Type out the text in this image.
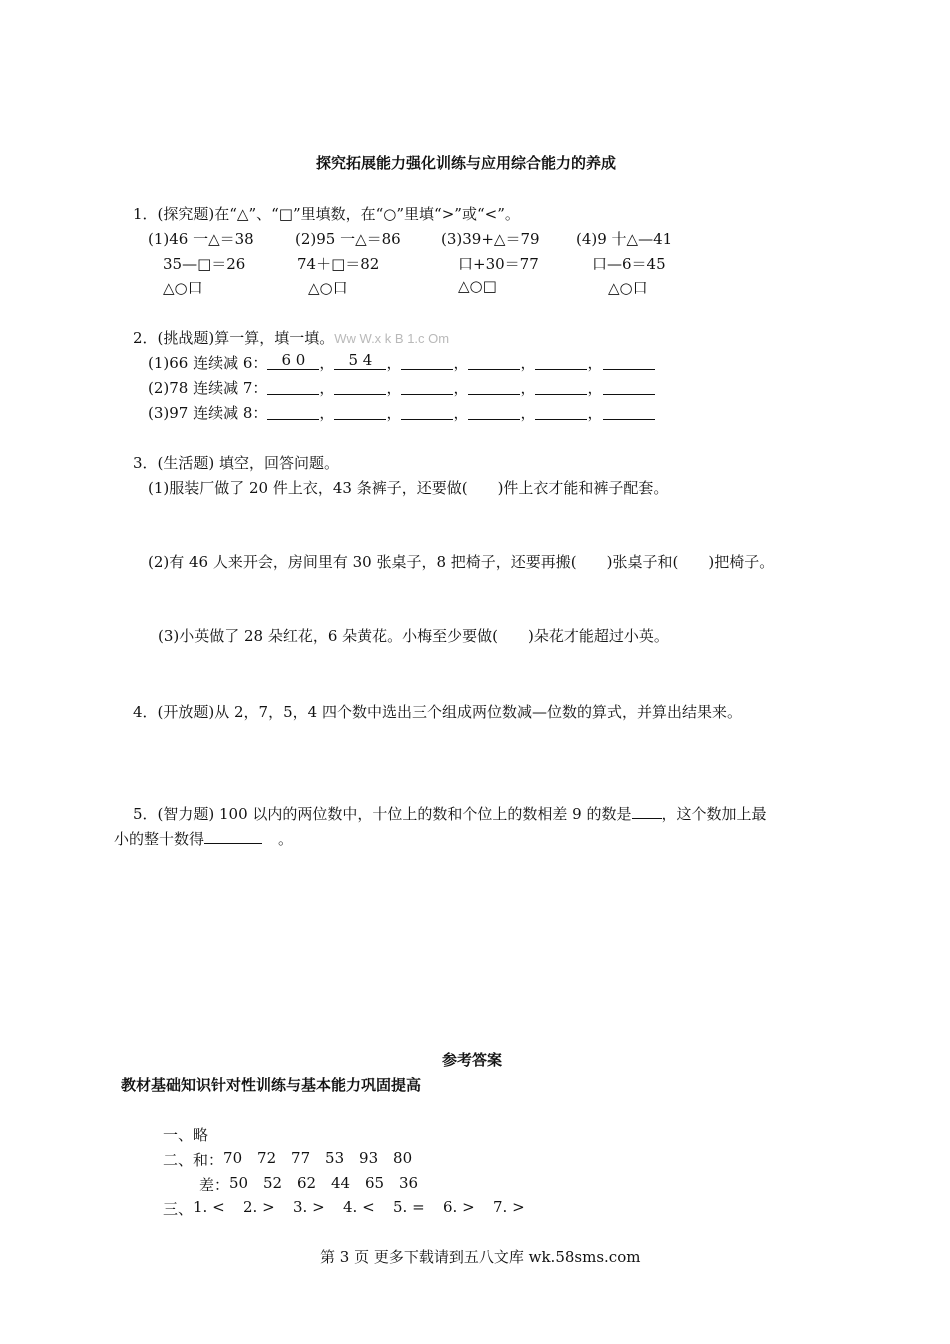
探究拓展能力强化训练与应用综合能力的养成
1．(探究题)在“△”、“□”里填数，在“○”里填“>”或“<”。
(1)46 一△＝38	(2)95 一△＝86	(3)39+△＝79 (4)9 十△—41
35—□＝26	74＋□＝82	口+30＝77	口—6＝45
△○口	△○口	△○□	△○口
2．(挑战题)算一算，填一填。Ww W.x k B 1.c Om
(1)66 连续减 6： 6 0 ， 5 4 ，	，	，	，
(2)78 连续减 7：	，	，	，	，	，
(3)97 连续减 8：	，	，	，	，	，
3．(生活题) 填空，回答问题。
(1)服装厂做了 20 件上衣，43 条裤子，还要做(　　)件上衣才能和裤子配套。
(2)有 46 人来开会，房间里有 30 张桌子，8 把椅子，还要再搬(　　)张桌子和(　　)把椅子。
(3)小英做了 28 朵红花，6 朵黄花。小梅至少要做(　　)朵花才能超过小英。
4．(开放题)从 2，7，5，4 四个数中选出三个组成两位数减—位数的算式，并算出结果来。
5．(智力题) 100 以内的两位数中，十位上的数和个位上的数相差 9 的数是 ，这个数加上最
小的整十数得	。
参考答案
教材基础知识针对性训练与基本能力巩固提高
一、略
二、 和： 70 72 77 53 93 80
差： 50 52 62 44 65 36
三、 1. <	2. >	3. >	4. <	5. =	6. >	7. >
第 3 页 更多下载请到五八文库 wk.58sms.com
